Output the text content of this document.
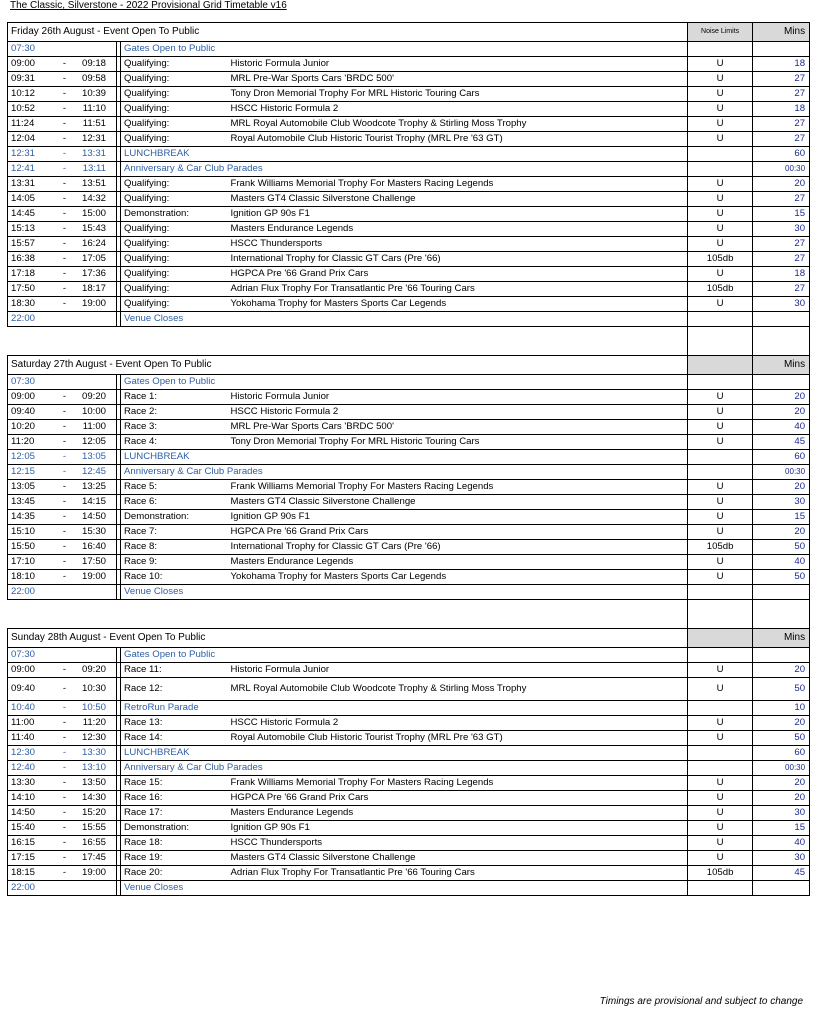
The Classic, Silverstone - 2022 Provisional Grid Timetable v16
Friday 26th August - Event Open To Public						Noise Limits	Mins
07:30				Gates Open to Public			
09:00	-	09:18		Qualifying:	Historic Formula Junior	U	18
09:31	-	09:58		Qualifying:	MRL Pre-War Sports Cars 'BRDC 500'	U	27
10:12	-	10:39		Qualifying:	Tony Dron Memorial Trophy For MRL Historic Touring Cars	U	27
10:52	-	11:10		Qualifying:	HSCC Historic Formula 2	U	18
11:24	-	11:51		Qualifying:	MRL Royal Automobile Club Woodcote Trophy & Stirling Moss Trophy	U	27
12:04	-	12:31		Qualifying:	Royal Automobile Club Historic Tourist Trophy (MRL Pre '63 GT)	U	27
12:31	-	13:31		LUNCHBREAK			60
12:41	-	13:11		Anniversary & Car Club Parades			00:30
13:31	-	13:51		Qualifying:	Frank Williams Memorial Trophy For Masters Racing Legends	U	20
14:05	-	14:32		Qualifying:	Masters GT4 Classic Silverstone Challenge	U	27
14:45	-	15:00		Demonstration:	Ignition GP 90s F1	U	15
15:13	-	15:43		Qualifying:	Masters Endurance Legends	U	30
15:57	-	16:24		Qualifying:	HSCC Thundersports	U	27
16:38	-	17:05		Qualifying:	International Trophy for Classic GT Cars (Pre '66)	105db	27
17:18	-	17:36		Qualifying:	HGPCA Pre '66 Grand Prix Cars	U	18
17:50	-	18:17		Qualifying:	Adrian Flux Trophy For Transatlantic Pre '66 Touring Cars	105db	27
18:30	-	19:00		Qualifying:	Yokohama Trophy for Masters Sports Car Legends	U	30
22:00				Venue Closes			

Saturday 27th August - Event Open To Public							Mins
07:30				Gates Open to Public			
09:00	-	09:20		Race 1:	Historic Formula Junior	U	20
09:40	-	10:00		Race 2:	HSCC Historic Formula 2	U	20
10:20	-	11:00		Race 3:	MRL Pre-War Sports Cars 'BRDC 500'	U	40
11:20	-	12:05		Race 4:	Tony Dron Memorial Trophy For MRL Historic Touring Cars	U	45
12:05	-	13:05		LUNCHBREAK			60
12:15	-	12:45		Anniversary & Car Club Parades			00:30
13:05	-	13:25		Race 5:	Frank Williams Memorial Trophy For Masters Racing Legends	U	20
13:45	-	14:15		Race 6:	Masters GT4 Classic Silverstone Challenge	U	30
14:35	-	14:50		Demonstration:	Ignition GP 90s F1	U	15
15:10	-	15:30		Race 7:	HGPCA Pre '66 Grand Prix Cars	U	20
15:50	-	16:40		Race 8:	International Trophy for Classic GT Cars (Pre '66)	105db	50
17:10	-	17:50		Race 9:	Masters Endurance Legends	U	40
18:10	-	19:00		Race 10:	Yokohama Trophy for Masters Sports Car Legends	U	50
22:00				Venue Closes			

Sunday 28th August - Event Open To Public							Mins
07:30				Gates Open to Public			
09:00	-	09:20		Race 11:	Historic Formula Junior	U	20
09:40	-	10:30		Race 12:	MRL Royal Automobile Club Woodcote Trophy & Stirling Moss Trophy	U	50
10:40	-	10:50		RetroRun Parade			10
11:00	-	11:20		Race 13:	HSCC Historic Formula 2	U	20
11:40	-	12:30		Race 14:	Royal Automobile Club Historic Tourist Trophy (MRL Pre '63 GT)	U	50
12:30	-	13:30		LUNCHBREAK			60
12:40	-	13:10		Anniversary & Car Club Parades			00:30
13:30	-	13:50		Race 15:	Frank Williams Memorial Trophy For Masters Racing Legends	U	20
14:10	-	14:30		Race 16:	HGPCA Pre '66 Grand Prix Cars	U	20
14:50	-	15:20		Race 17:	Masters Endurance Legends	U	30
15:40	-	15:55		Demonstration:	Ignition GP 90s F1	U	15
16:15	-	16:55		Race 18:	HSCC Thundersports	U	40
17:15	-	17:45		Race 19:	Masters GT4 Classic Silverstone Challenge	U	30
18:15	-	19:00		Race 20:	Adrian Flux Trophy For Transatlantic Pre '66 Touring Cars	105db	45
22:00				Venue Closes			
Timings are provisional and subject to change
